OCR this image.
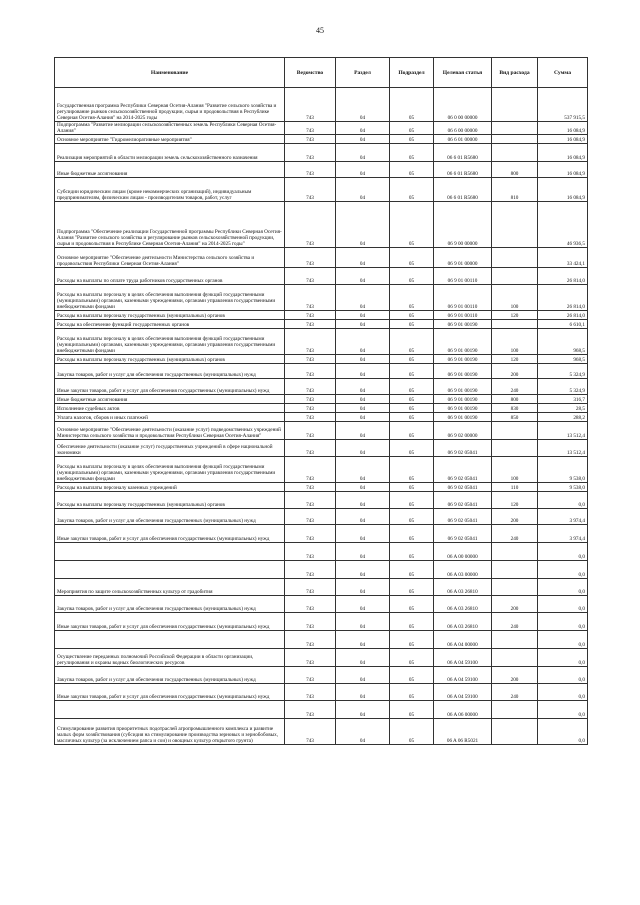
45
Наименование	Ведомство	Раздел	Подраздел	Целевая статья	Вид расхода	Сумма
Государственная программа Республики Северная Осетия-Алания "Развитие сельского хозяйства и регулирование рынков сельскохозяйственной продукции, сырья и продовольствия в Республике Северная Осетия-Алания" на 2014-2025 годы	743	04	05	06 0 00 00000		537 915,5
Подпрограмма "Развитие мелиорации сельскохозяйственных земель Республики Северная Осетия-Алания"	743	04	05	06 6 00 00000		16 084,9
Основное мероприятие "Гидромелиоративные мероприятия"	743	04	05	06 6 01 00000		16 084,9
Реализация мероприятий в области мелиорации земель сельскохозяйственного назначения	743	04	05	06 6 01 R5680		16 084,9
Иные бюджетные ассигнования	743	04	05	06 6 01 R5680	800	16 084,9
Субсидии юридическим лицам (кроме некоммерческих организаций), индивидуальным предпринимателям, физическим лицам - производителям товаров, работ, услуг	743	04	05	06 6 01 R5680	810	16 084,9
Подпрограмма "Обеспечение реализации Государственной программы Республики Северная Осетия-Алания "Развитие сельского хозяйства и регулирование рынков сельскохозяйственной продукции, сырья и продовольствия в Республике Северная Осетия-Алания" на 2014-2025 годы"	743	04	05	06 9 00 00000		46 936,5
Основное мероприятие "Обеспечение деятельности Министерства сельского хозяйства и продовольствия Республики Северная Осетия-Алания"	743	04	05	06 9 01 00000		33 424,1
Расходы на выплаты по оплате труда работников государственных органов	743	04	05	06 9 01 00110		26 814,0
Расходы на выплаты персоналу в целях обеспечения выполнения функций государственными (муниципальными) органами, казенными учреждениями, органами управления государственными внебюджетными фондами	743	04	05	06 9 01 00110	100	26 814,0
Расходы на выплаты персоналу государственных (муниципальных) органов	743	04	05	06 9 01 00110	120	26 814,0
Расходы на обеспечение функций государственных органов	743	04	05	06 9 01 00190		6 610,1
Расходы на выплаты персоналу в целях обеспечения выполнения функций государственными (муниципальными) органами, казенными учреждениями, органами управления государственными внебюджетными фондами	743	04	05	06 9 01 00190	100	968,5
Расходы на выплаты персоналу государственных (муниципальных) органов	743	04	05	06 9 01 00190	120	968,5
Закупка товаров, работ и услуг для обеспечения государственных (муниципальных) нужд	743	04	05	06 9 01 00190	200	5 324,9
Иные закупки товаров, работ и услуг для обеспечения государственных (муниципальных) нужд	743	04	05	06 9 01 00190	240	5 324,9
Иные бюджетные ассигнования	743	04	05	06 9 01 00190	800	316,7
Исполнение судебных актов	743	04	05	06 9 01 00190	830	28,5
Уплата налогов, сборов и иных платежей	743	04	05	06 9 01 00190	850	288,2
Основное мероприятие "Обеспечение деятельности (оказание услуг) подведомственных учреждений Министерства сельского хозяйства и продовольствия Республики Северная Осетия-Алания"	743	04	05	06 9 02 00000		13 512,4
Обеспечение деятельности (оказание услуг) государственных учреждений в сфере национальной экономики	743	04	05	06 9 02 05041		13 512,4
Расходы на выплаты персоналу в целях обеспечения выполнения функций государственными (муниципальными) органами, казенными учреждениями, органами управления государственными внебюджетными фондами	743	04	05	06 9 02 05041	100	9 538,0
Расходы на выплаты персоналу казенных учреждений	743	04	05	06 9 02 05041	110	9 538,0
Расходы на выплаты персоналу государственных (муниципальных) органов	743	04	05	06 9 02 05041	120	0,0
Закупка товаров, работ и услуг для обеспечения государственных (муниципальных) нужд	743	04	05	06 9 02 05041	200	3 974,4
Иные закупки товаров, работ и услуг для обеспечения государственных (муниципальных) нужд	743	04	05	06 9 02 05041	240	3 974,4
	743	04	05	06 A 00 00000		0,0
	743	04	05	06 A 03 00000		0,0
Мероприятия по защите сельскохозяйственных культур от градобития	743	04	05	06 A 03 26810		0,0
Закупка товаров, работ и услуг для обеспечения государственных (муниципальных) нужд	743	04	05	06 A 03 26810	200	0,0
Иные закупки товаров, работ и услуг для обеспечения государственных (муниципальных) нужд	743	04	05	06 A 03 26810	240	0,0
	743	04	05	06 A 04 00000		0,0
Осуществление переданных полномочий Российской Федерации в области организации, регулирования и охраны водных биологических ресурсов	743	04	05	06 A 04 59100		0,0
Закупка товаров, работ и услуг для обеспечения государственных (муниципальных) нужд	743	04	05	06 A 04 59100	200	0,0
Иные закупки товаров, работ и услуг для обеспечения государственных (муниципальных) нужд	743	04	05	06 A 04 59100	240	0,0
	743	04	05	06 A 06 00000		0,0
Стимулирование развития приоритетных подотраслей агропромышленного комплекса и развитие малых форм хозяйствования (субсидия на стимулирование производства зерновых и зернобобовых, масличных культур (за исключением рапса и сои) и овощных культур открытого грунта)	743	04	05	06 A 06 R5021		0,0
